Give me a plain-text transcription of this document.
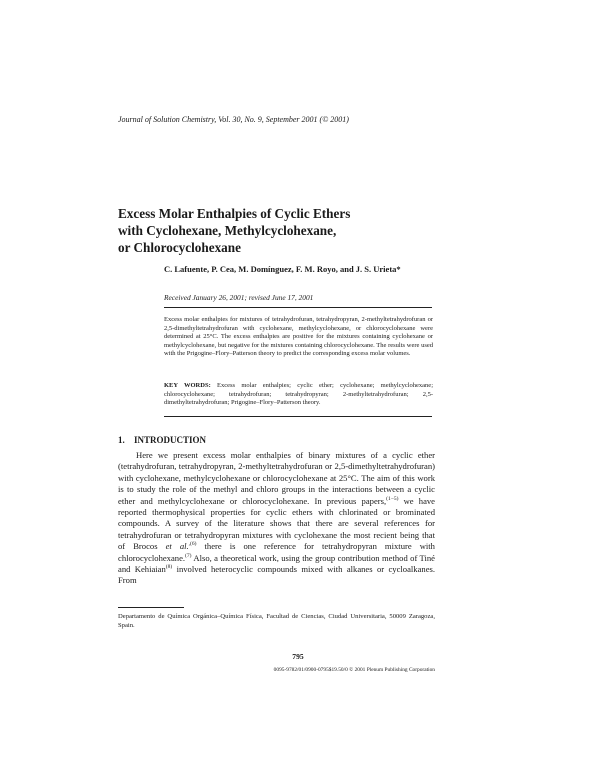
Journal of Solution Chemistry, Vol. 30, No. 9, September 2001 (© 2001)
Excess Molar Enthalpies of Cyclic Ethers
with Cyclohexane, Methylcyclohexane,
or Chlorocyclohexane
C. Lafuente, P. Cea, M. Domínguez, F. M. Royo, and J. S. Urieta*
Received January 26, 2001; revised June 17, 2001
Excess molar enthalpies for mixtures of tetrahydrofuran, tetrahydropyran, 2-methyltetrahydrofuran or 2,5-dimethyltetrahydrofuran with cyclohexane, methylcyclohexane, or chlorocyclohexane were determined at 25°C. The excess enthalpies are positive for the mixtures containing cyclohexane or methylcyclohexane, but negative for the mixtures containing chlorocyclohexane. The results were used with the Prigogine–Flory–Patterson theory to predict the corresponding excess molar volumes.
KEY WORDS: Excess molar enthalpies; cyclic ether; cyclohexane; methylcyclohexane; chlorocyclohexane; tetrahydrofuran; tetrahydropyran; 2-methyltetrahydrofuran; 2,5-dimethyltetrahydrofuran; Prigogine–Flory–Patterson theory.
1. INTRODUCTION

Here we present excess molar enthalpies of binary mixtures of a cyclic ether (tetrahydrofuran, tetrahydropyran, 2-methyltetrahydrofuran or 2,5-dimethyltetrahydrofuran) with cyclohexane, methylcyclohexane or chlorocyclohexane at 25°C. The aim of this work is to study the role of the methyl and chloro groups in the interactions between a cyclic ether and methylcyclohexane or chlorocyclohexane. In previous papers,$^{(1-5)}$ we have reported thermophysical properties for cyclic ethers with chlorinated or brominated compounds. A survey of the literature shows that there are several references for tetrahydrofuran or tetrahydropyran mixtures with cyclohexane the most recient being that of Brocos et al.$^{,(6)}$ there is one reference for tetrahydropyran mixture with chlorocyclohexane.$^{(7)}$ Also, a theoretical work, using the group contribution method of Tiné and Kehiaian$^{(8)}$ involved heterocyclic compounds mixed with alkanes or cycloalkanes. From

Departamento de Química Orgánica–Química Física, Facultad de Ciencias, Ciudad Universitaria, 50009 Zaragoza, Spain.
795
0095-9782/01/0900-0795$19.50/0 © 2001 Plenum Publishing Corporation
